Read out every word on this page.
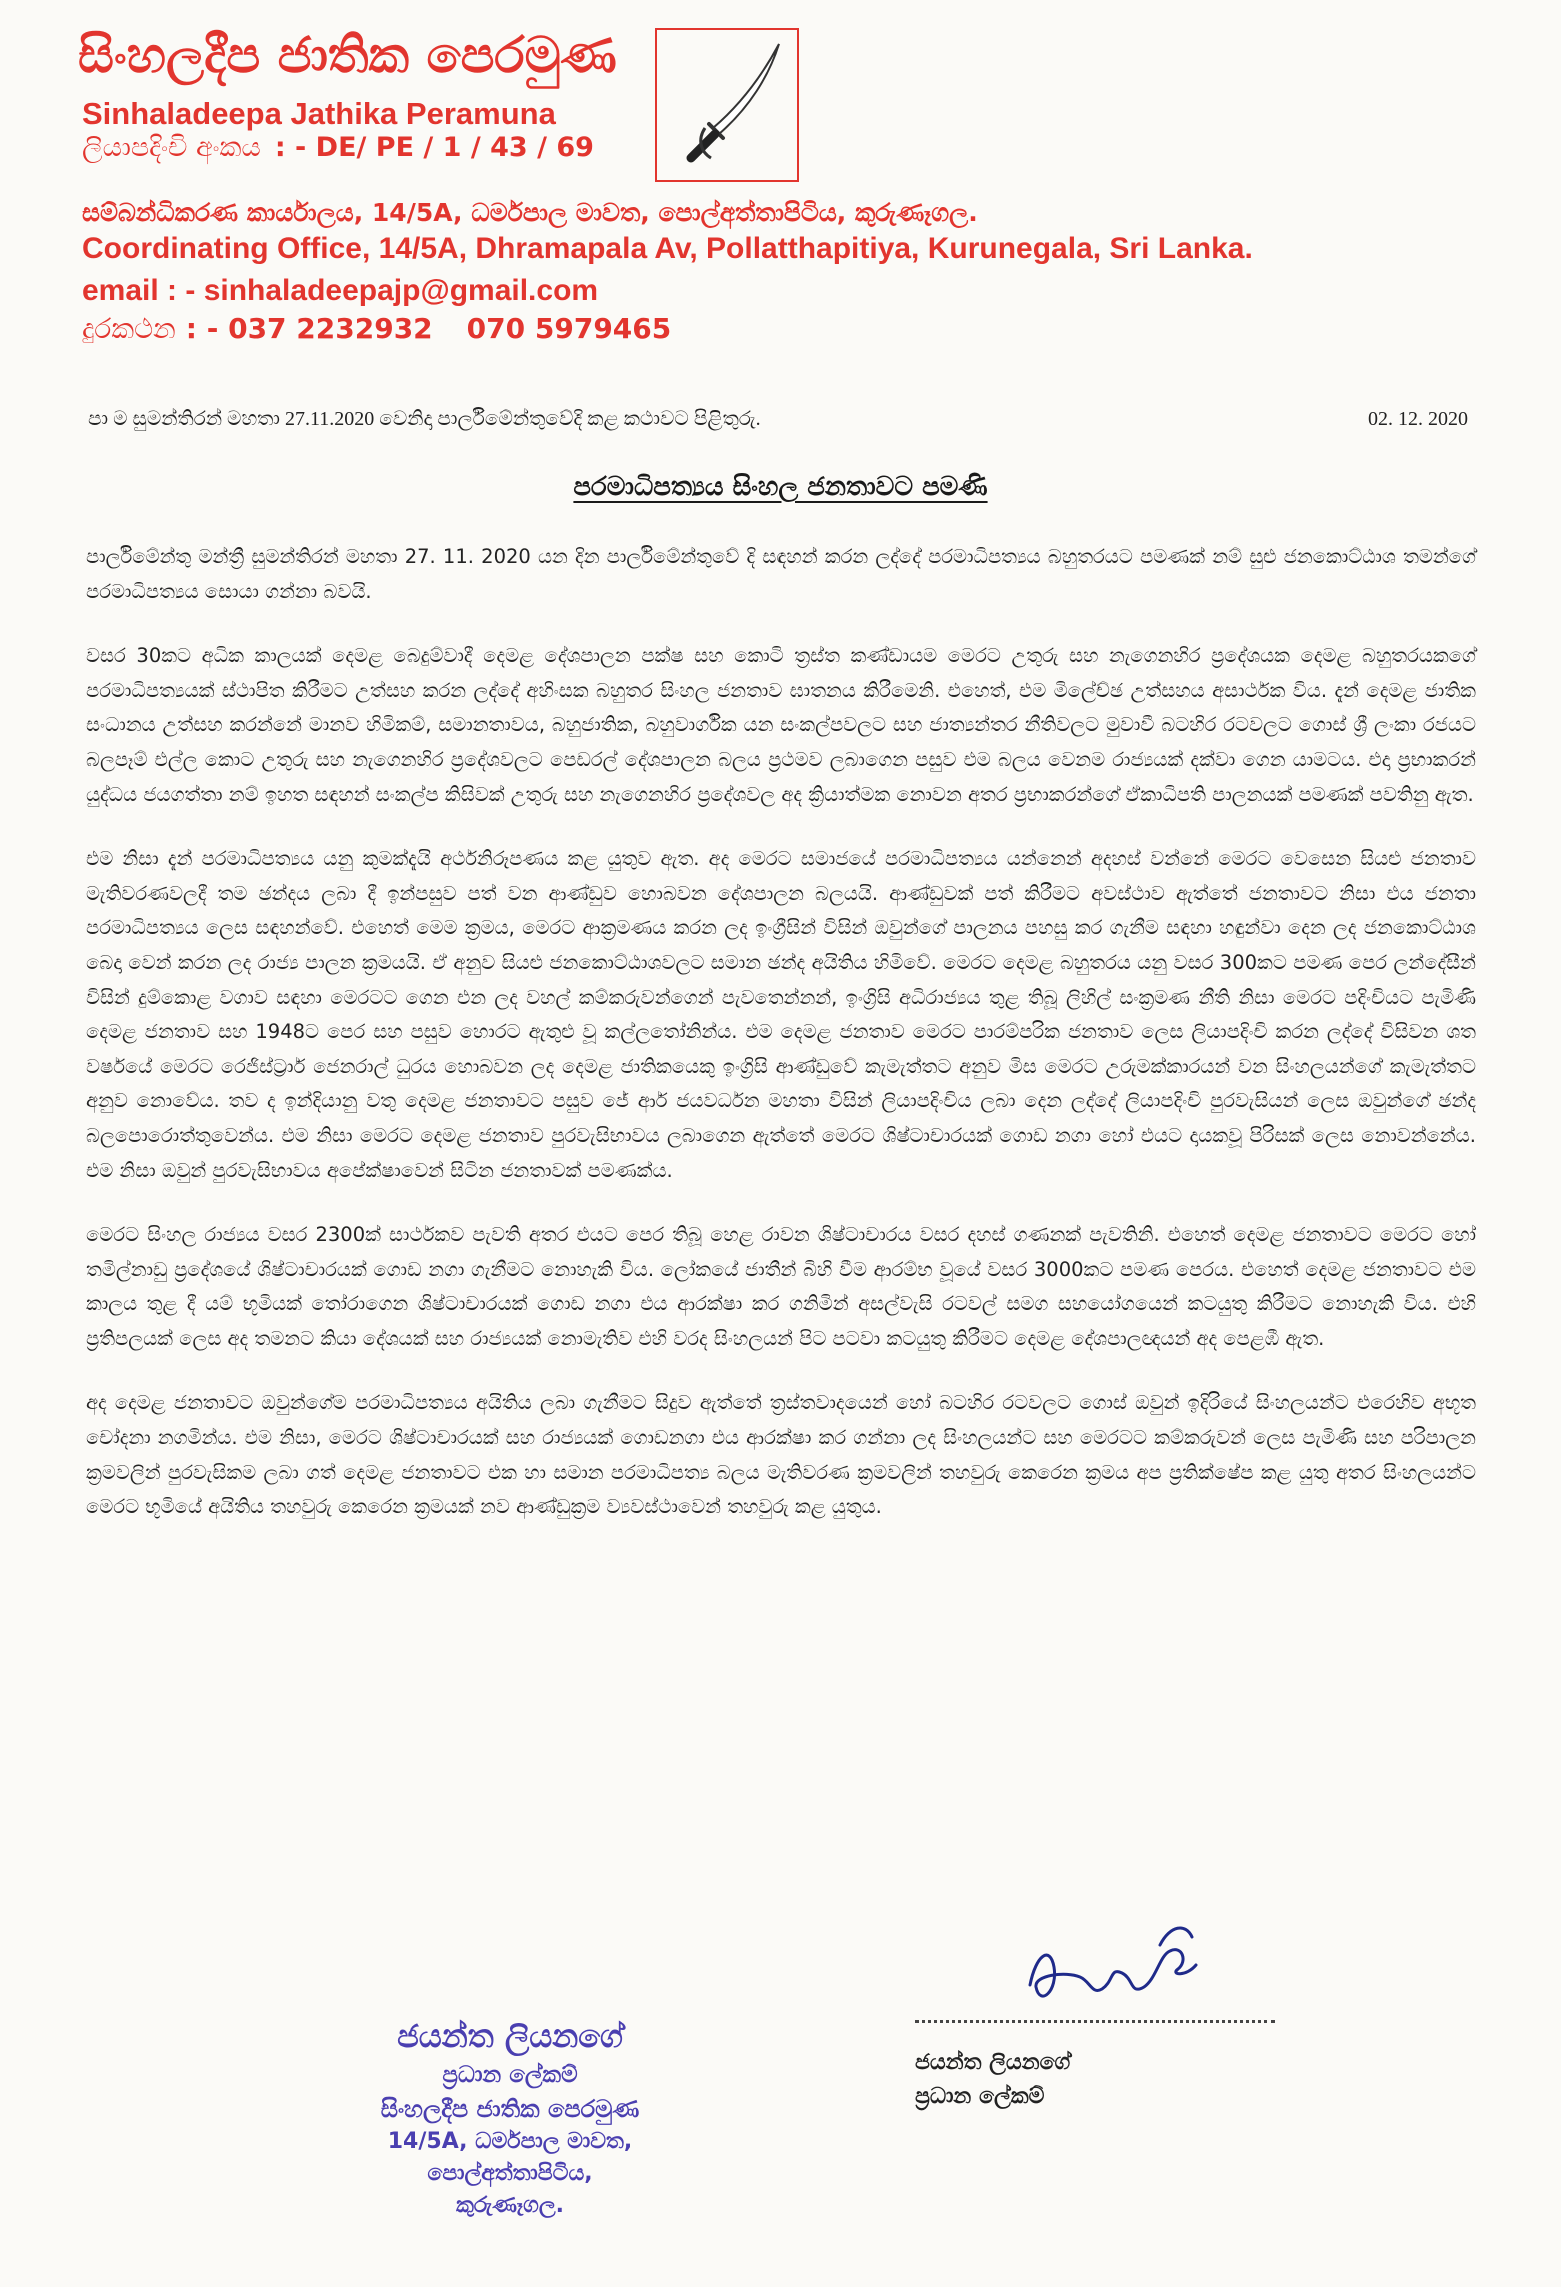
සිංහලදීප ජාතික පෙරමුණ
Sinhaladeepa Jathika Peramuna
ලියාපදිංචි අංකය : - DE/ PE / 1 / 43 / 69
සම්බන්ධිකරණ කාර්යාලය, 14/5A, ධර්මපාල මාවත, පොල්අත්තාපිටිය, කුරුණෑගල.
Coordinating Office, 14/5A, Dhramapala Av, Pollatthapitiya, Kurunegala, Sri Lanka.
email : - sinhaladeepajp@gmail.com
දුරකථන : - 037 2232932 070 5979465
පා ම සුමන්තිරන් මහතා 27.11.2020 වෙනිදා පාර්ලිමේන්තුවේදි කළ කථාවට පිළිතුරු.	02. 12. 2020
පරමාධිපත්‍යය සිංහල ජනතාවට පමණි

පාර්ලිමේන්තු මන්ත්‍රී සුමන්තිරන් මහතා 27. 11. 2020 යන දින පාර්ලිමේන්තුවේ දි සඳහන් කරන ලද්දේ පරමාධිපත්‍යය බහුතරයට පමණක් නම් සුළු ජනකොට්ඨාශ තමන්ගේ පරමාධිපත්‍යය සොයා ගන්නා බවයි.

වසර 30කට අධික කාලයක් දෙමළ බෙදුම්වාදී දෙමළ දේශපාලන පක්ෂ සහ කොටි ත්‍රස්ත කණ්ඩායම මෙරට උතුරු සහ නැගෙනහිර ප්‍රදේශයක දෙමළ බහුතරයකගේ පරමාධිපත්‍යයක් ස්ථාපිත කිරීමට උත්සහ කරන ලද්දේ අහිංසක බහුතර සිංහල ජනතාව ඝාතනය කිරීමෙනි. එහෙත්, එම මිලේච්ඡ උත්සහය අසාර්ථක විය. දැන් දෙමළ ජාතික සංධානය උත්සහ කරන්නේ මානව හිමිකම්, සමානතාවය, බහුජාතික, බහුවාර්ගික යන සංකල්පවලට සහ ජාත්‍යන්තර නීතිවලට මුවාවී බටහිර රටවලට ගොස් ශ්‍රී ලංකා රජයට බලපෑම් එල්ල කොට උතුරු සහ නැගෙනහිර ප්‍රදේශවලට පෙඩරල් දේශපාලන බලය ප්‍රථමව ලබාගෙන පසුව එම බලය වෙනම රාජ්‍යයක් දක්වා ගෙන යාමටය. එදා ප්‍රභාකරන් යුද්ධය ජයගත්තා නම් ඉහත සඳහන් සංකල්ප කිසිවක් උතුරු සහ නැගෙනහිර ප්‍රදේශවල අද ක්‍රියාත්මක නොවන අතර ප්‍රභාකරන්ගේ ඒකාධිපති පාලනයක් පමණක් පවතිනු ඇත.

එම නිසා දැන් පරමාධිපත්‍යය යනු කුමක්දැයි අර්ථනිරූපණය කළ යුතුව ඇත. අද මෙරට සමාජයේ පරමාධිපත්‍යය යන්නෙන් අදහස් වන්නේ මෙරට වෙසෙන සියළු ජනතාව මැතිවරණවලදී තම ඡන්දය ලබා දී ඉන්පසුව පත් වන ආණ්ඩුව හොබවන දේශපාලන බලයයි. ආණ්ඩුවක් පත් කිරීමට අවස්ථාව ඇත්තේ ජනතාවට නිසා එය ජනතා පරමාධිපත්‍යය ලෙස සඳහන්වේ. එහෙත් මෙම ක්‍රමය, මෙරට ආක්‍රමණය කරන ලද ඉංග්‍රීසින් විසින් ඔවුන්ගේ පාලනය පහසු කර ගැනීම සඳහා හඳුන්වා දෙන ලද ජනකොට්ඨාශ බෙදා වෙන් කරන ලද රාජ්‍ය පාලන ක්‍රමයයි. ඒ අනුව සියළු ජනකොට්ඨාශවලට සමාන ඡන්ද අයිතිය හිමිවේ. මෙරට දෙමළ බහුතරය යනු වසර 300කට පමණ පෙර ලන්දේසීන් විසින් දුම්කොළ වගාව සඳහා මෙරටට ගෙන එන ලද වහල් කම්කරුවන්ගෙන් පැවතෙන්නන්, ඉංග්‍රිසි අධිරාජ්‍යය තුළ තිබූ ලිහිල් සංක්‍රමණ නීති නිසා මෙරට පදිංචියට පැමිණි දෙමළ ජනතාව සහ 1948ට පෙර සහ පසුව හොරට ඇතුළු වූ කල්ලතෝනින්ය. එම දෙමළ ජනතාව මෙරට පාරම්පරික ජනතාව ලෙස ලියාපදිංචි කරන ලද්දේ විසිවන ශත වර්ෂයේ මෙරට රෙජිස්ට්‍රාර් ජෙනරාල් ධුරය හොබවන ලද දෙමළ ජාතිකයෙකු ඉංග්‍රිසි ආණ්ඩුවේ කැමැත්තට අනුව මිස මෙරට උරුමක්කාරයන් වන සිංහලයන්ගේ කැමැත්තට අනුව නොවේය. තව ද ඉන්දියානු වතු දෙමළ ජනතාවට පසුව ජේ ආර් ජයවර්ධන මහතා විසින් ලියාපදිංචිය ලබා දෙන ලද්දේ ලියාපදිංචි පුරවැසියන් ලෙස ඔවුන්ගේ ඡන්ද බලපොරොත්තුවෙන්ය. එම නිසා මෙරට දෙමළ ජනතාව පුරවැසිභාවය ලබාගෙන ඇත්තේ මෙරට ශිෂ්ටාචාරයක් ගොඩ නගා හෝ එයට දායකවූ පිරිසක් ලෙස නොවන්නේය. එම නිසා ඔවුන් පුරවැසිභාවය අපේක්ෂාවෙන් සිටින ජනතාවක් පමණක්ය.

මෙරට සිංහල රාජ්‍යය වසර 2300ක් සාර්ථකව පැවති අතර එයට පෙර තිබූ හෙළ රාවන ශිෂ්ටාචාරය වසර දහස් ගණනක් පැවතිනි. එහෙත් දෙමළ ජනතාවට මෙරට හෝ තමිල්නාඩු ප්‍රදේශයේ ශිෂ්ටාචාරයක් ගොඩ නගා ගැනීමට නොහැකි විය. ලෝකයේ ජාතීන් බිහි වීම ආරම්භ වූයේ වසර 3000කට පමණ පෙරය. එහෙත් දෙමළ ජනතාවට එම කාලය තුළ දී යම් භූමියක් තෝරාගෙන ශිෂ්ටාචාරයක් ගොඩ නගා එය ආරක්ෂා කර ගනිමින් අසල්වැසි රටවල් සමග සහයෝගයෙන් කටයුතු කිරීමට නොහැකි විය. එහි ප්‍රතිපලයක් ලෙස අද තමනට කියා දේශයක් සහ රාජ්‍යයක් නොමැතිව එහි වරද සිංහලයන් පිට පටවා කටයුතු කිරීමට දෙමළ දේශපාලඥයන් අද පෙළඹී ඇත.

අද දෙමළ ජනතාවට ඔවුන්ගේම පරමාධිපත්‍යය අයිතිය ලබා ගැනීමට සිදුව ඇත්තේ ත්‍රස්තවාදයෙන් හෝ බටහිර රටවලට ගොස් ඔවුන් ඉදිරියේ සිංහලයන්ට එරෙහිව අභූත චෝදනා නගමින්ය. එම නිසා, මෙරට ශිෂ්ටාචාරයක් සහ රාජ්‍යයක් ගොඩනගා එය ආරක්ෂා කර ගන්නා ලද සිංහලයන්ට සහ මෙරටට කම්කරුවන් ලෙස පැමිණි සහ පරිපාලන ක්‍රමවලින් පුරවැසිකම ලබා ගත් දෙමළ ජනතාවට එක හා සමාන පරමාධිපත්‍ය බලය මැතිවරණ ක්‍රමවලින් තහවුරු කෙරෙන ක්‍රමය අප ප්‍රතික්ෂේප කළ යුතු අතර සිංහලයන්ට මෙරට භූමියේ අයිතිය තහවුරු කෙරෙන ක්‍රමයක් නව ආණ්ඩුක්‍රම ව්‍යවස්ථාවෙන් තහවුරු කළ යුතුය.

ජයන්ත ලියනගේ
ප්‍රධාන ලේකම්
සිංහලදීප ජාතික පෙරමුණ
14/5A, ධර්මපාල මාවත,
පොල්අත්තාපිටිය,
කුරුණෑගල.
ජයන්ත ලියනගේ
ප්‍රධාන ලේකම්
